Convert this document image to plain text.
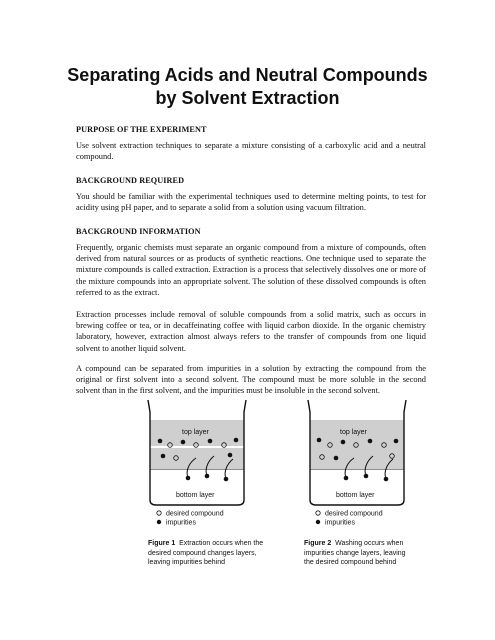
Separating Acids and Neutral Compounds
by Solvent Extraction
PURPOSE OF THE EXPERIMENT
Use solvent extraction techniques to separate a mixture consisting of a carboxylic acid and a neutral compound.
BACKGROUND REQUIRED
You should be familiar with the experimental techniques used to determine melting points, to test for acidity using pH paper, and to separate a solid from a solution using vacuum filtration.
BACKGROUND INFORMATION
Frequently, organic chemists must separate an organic compound from a mixture of compounds, often derived from natural sources or as products of synthetic reactions. One technique used to separate the mixture compounds is called extraction. Extraction is a process that selectively dissolves one or more of the mixture compounds into an appropriate solvent. The solution of these dissolved compounds is often referred to as the extract.
Extraction processes include removal of soluble compounds from a solid matrix, such as occurs in brewing coffee or tea, or in decaffeinating coffee with liquid carbon dioxide. In the organic chemistry laboratory, however, extraction almost always refers to the transfer of compounds from one liquid solvent to another liquid solvent.
A compound can be separated from impurities in a solution by extracting the compound from the original or first solvent into a second solvent. The compound must be more soluble in the second solvent than in the first solvent, and the impurities must be insoluble in the second solvent.
top layer
bottom layer
desired compound
impurities
top layer
bottom layer
desired compound
impurities
Figure 1 Extraction occurs when the desired compound changes layers, leaving impurities behind
Figure 2 Washing occurs when impurities change layers, leaving the desired compound behind
